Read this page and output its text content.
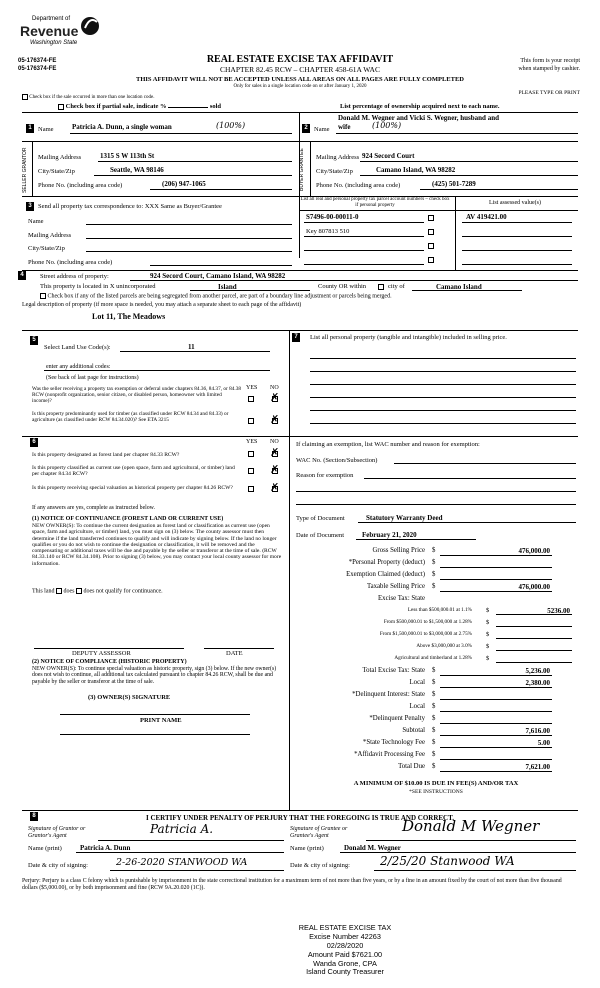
Department of
Revenue
Washington State
05-176374-FE
05-176374-FE
REAL ESTATE EXCISE TAX AFFIDAVIT
CHAPTER 82.45 RCW – CHAPTER 458-61A WAC
This form is your receipt
when stamped by cashier.
THIS AFFIDAVIT WILL NOT BE ACCEPTED UNLESS ALL AREAS ON ALL PAGES ARE FULLY COMPLETED
Only for sales in a single location code on or after January 1, 2020
PLEASE TYPE OR PRINT
Check box if the sale occurred in more than one location code.
Check box if partial sale, indicate %	sold	List percentage of ownership acquired next to each name.
1 Name	Patricia A. Dunn, a single woman	(100%)
SELLER GRANTOR Mailing Address	1315 S W 113th St
City/State/Zip	Seattle, WA 98146
Phone No. (including area code)	(206) 947-1065
Donald M. Wegner and Vicki S. Wegner, husband and
2 Name wife	(100%)
BUYER GRANTEE Mailing Address 924 Secord Court
City/State/Zip	Camano Island, WA 98282
Phone No. (including area code)	(425) 501-7289
3 Send all property tax correspondence to: XXX Same as Buyer/Grantee
Name
Mailing Address
City/State/Zip
Phone No. (including area code)
List all real and personal property tax parcel account numbers – check box if personal property	List assessed value(s)
S7496-00-00011-0	AV 419421.00
Key 807813 510
4	Street address of property:	924 Secord Court, Camano Island, WA 98282
This property is located in X unincorporated	Island	County OR within	city of	Camano Island
Check box if any of the listed parcels are being segregated from another parcel, are part of a boundary line adjustment or parcels being merged.
Legal description of property (if more space is needed, you may attach a separate sheet to each page of the affidavit)
Lot 11, The Meadows
5
Select Land Use Code(s):	11
enter any additional codes:
(See back of last page for instructions)
YES NO
Was the seller receiving a property tax exemption or deferral under chapters 84.36, 84.37, or 84.38 RCW (nonprofit organization, senior citizen, or disabled person, homeowner with limited income)?	✗
Is this property predominantly used for timber (as classified under RCW 84.34 and 84.33) or agriculture (as classified under RCW 84.34.020)? See ETA 3215	✗
6	YES NO
Is this property designated as forest land per chapter 84.33 RCW?	✗
Is this property classified as current use (open space, farm and agricultural, or timber) land per chapter 84.34 RCW?	✗
Is this property receiving special valuation as historical property per chapter 84.26 RCW?	✗
If any answers are yes, complete as instructed below.
(1) NOTICE OF CONTINUANCE (FOREST LAND OR CURRENT USE)
NEW OWNER(S): To continue the current designation as forest land or classification as current use (open space, farm and agriculture, or timber) land, you must sign on (3) below. The county assessor must then determine if the land transferred continues to qualify and will indicate by signing below. If the land no longer qualifies or you do not wish to continue the designation or classification, it will be removed and the compensating or additional taxes will be due and payable by the seller or transferor at the time of sale. (RCW 84.33.140 or RCW 84.34.108). Prior to signing (3) below, you may contact your local county assessor for more information.
This land does does not qualify for continuance.
DEPUTY ASSESSOR	DATE
(2) NOTICE OF COMPLIANCE (HISTORIC PROPERTY)
NEW OWNER(S): To continue special valuation as historic property, sign (3) below. If the new owner(s) does not wish to continue, all additional tax calculated pursuant to chapter 84.26 RCW, shall be due and payable by the seller or transferor at the time of sale.
(3) OWNER(S) SIGNATURE
PRINT NAME
7	List all personal property (tangible and intangible) included in selling price.
If claiming an exemption, list WAC number and reason for exemption:
WAC No. (Section/Subsection)
Reason for exemption
Type of Document	Statutory Warranty Deed
Date of Document	February 21, 2020
Gross Selling Price $	476,000.00
*Personal Property (deduct) $
Exemption Claimed (deduct) $
Taxable Selling Price $	476,000.00
Excise Tax: State
Less than $500,000.01 at 1.1% $	5236.00
From $500,000.01 to $1,500,000 at 1.28% $
From $1,500,000.01 to $3,000,000 at 2.75% $
Above $3,000,000 at 3.0% $
Agricultural and timberland at 1.28% $
Total Excise Tax: State $	5,236.00
Local $	2,380.00
*Delinquent Interest: State $
Local $
*Delinquent Penalty $
Subtotal $	7,616.00
*State Technology Fee $	5.00
*Affidavit Processing Fee $
Total Due $	7,621.00
A MINIMUM OF $10.00 IS DUE IN FEE(S) AND/OR TAX
*SEE INSTRUCTIONS
8	I CERTIFY UNDER PENALTY OF PERJURY THAT THE FOREGOING IS TRUE AND CORRECT.
Signature of Grantor or Grantor's Agent	Patricia A.	Signature of Grantee or Grantee's Agent
Donald M Wegner
Name (print)	Patricia A. Dunn	Name (print)	Donald M. Wegner
Date & city of signing:	2-26-2020 STANWOOD WA	Date & city of signing:	2/25/20 Stanwood WA
Perjury: Perjury is a class C felony which is punishable by imprisonment in the state correctional institution for a maximum term of not more than five years, or by a fine in an amount fixed by the court of not more than five thousand dollars ($5,000.00), or by both imprisonment and fine (RCW 9A.20.020 (1C)).
REAL ESTATE EXCISE TAX
Excise Number 42263
02/28/2020
Amount Paid $7621.00
Wanda Grone, CPA
Island County Treasurer
